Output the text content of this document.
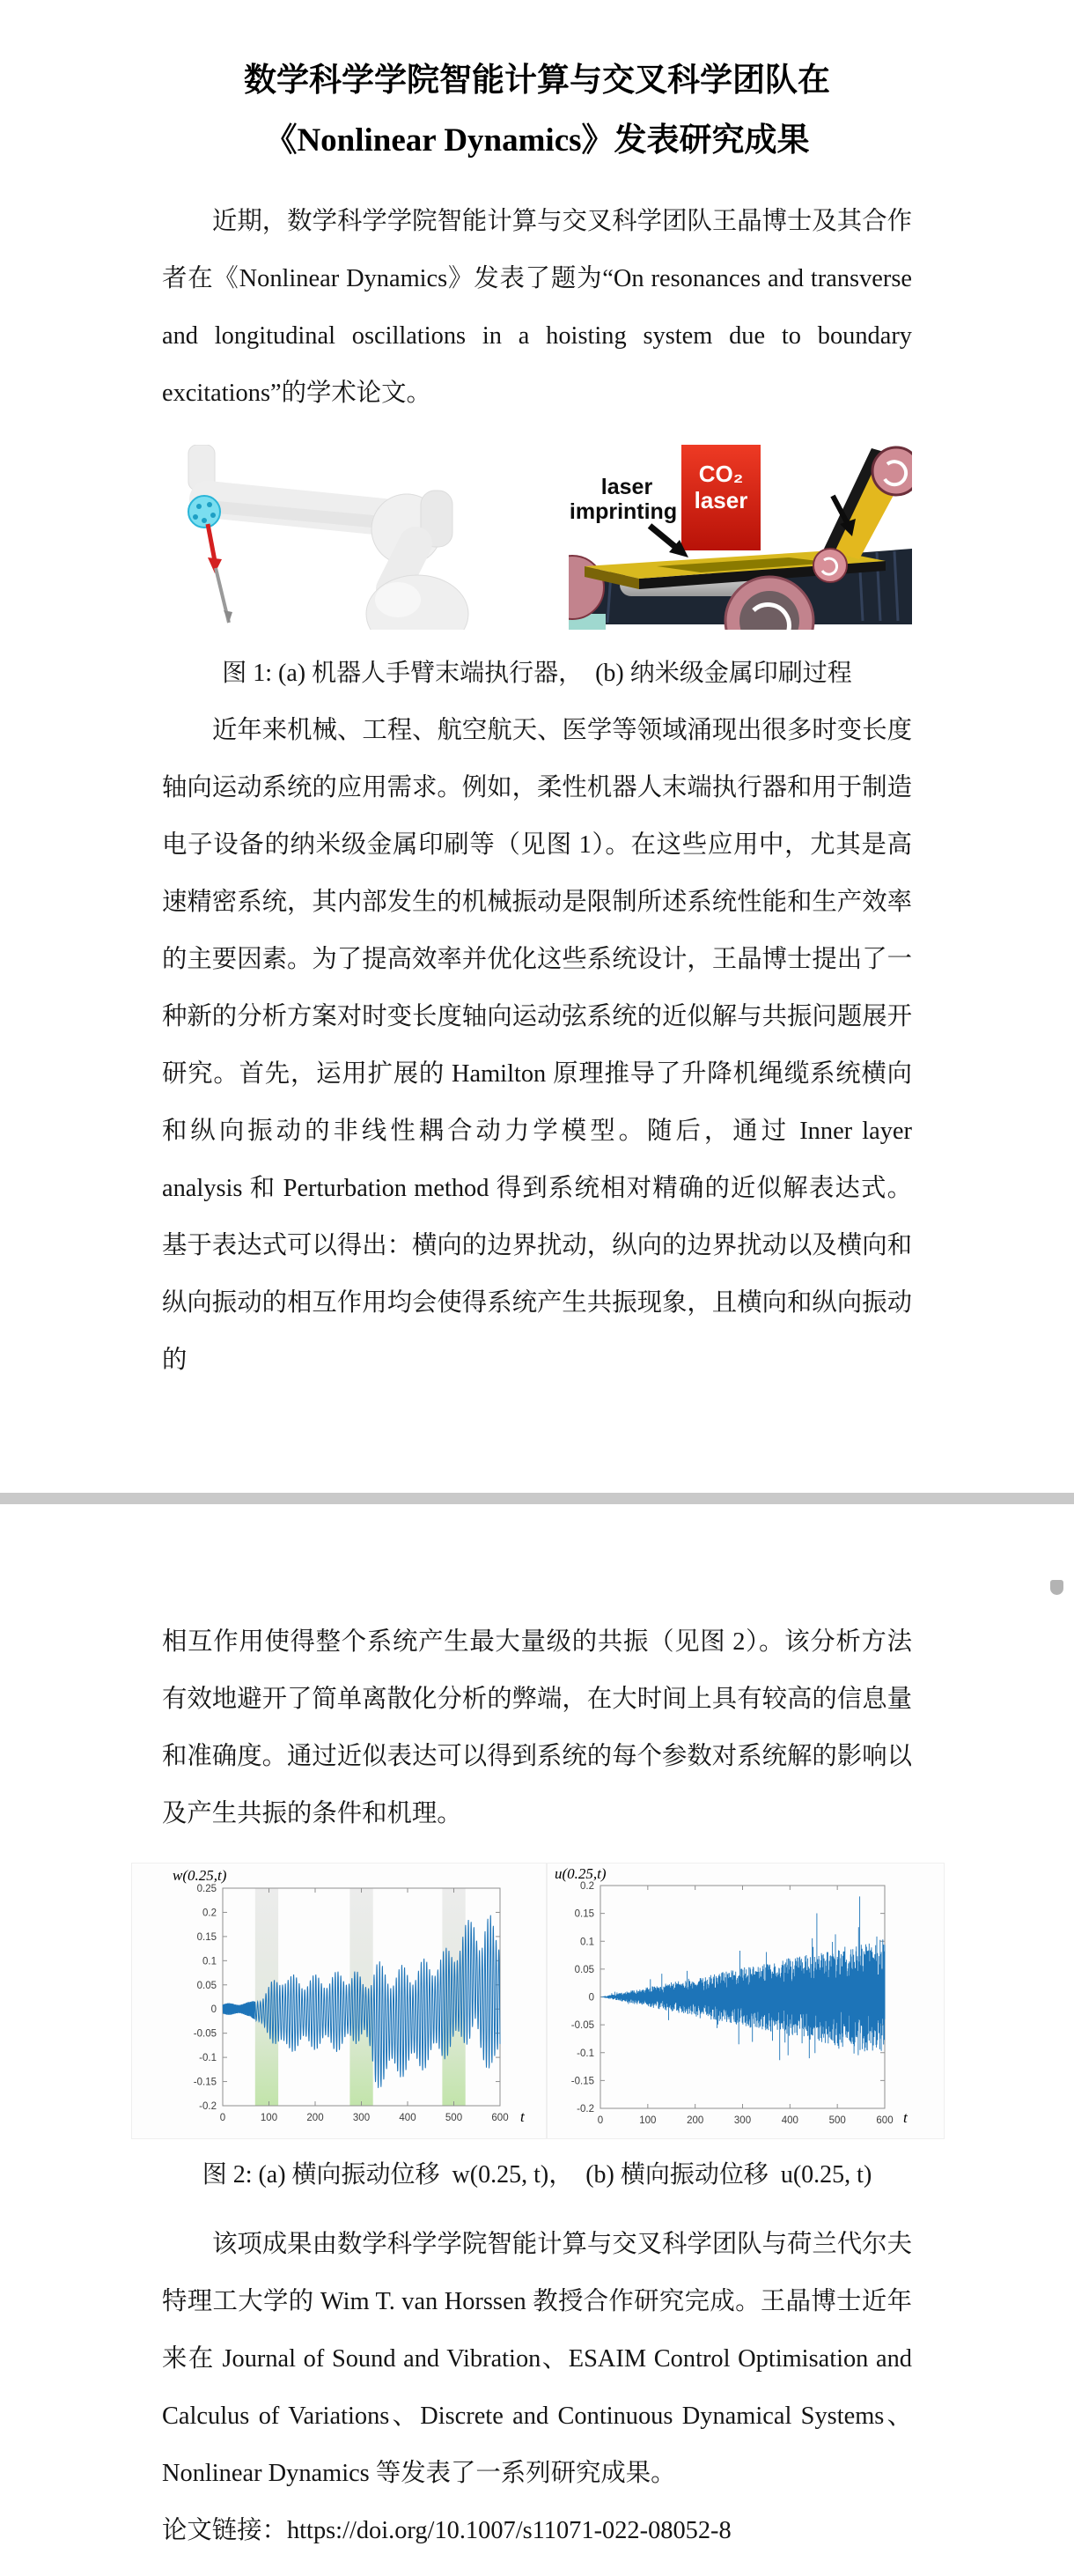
数学科学学院智能计算与交叉科学团队在
《Nonlinear Dynamics》发表研究成果

近期，数学科学学院智能计算与交叉科学团队王晶博士及其合作者在《Nonlinear Dynamics》发表了题为“On resonances and transverse and longitudinal oscillations in a hoisting system due to boundary excitations”的学术论文。

laser
imprinting
CO₂
laser

图 1: (a) 机器人手臂末端执行器，  (b) 纳米级金属印刷过程

近年来机械、工程、航空航天、医学等领域涌现出很多时变长度轴向运动系统的应用需求。例如，柔性机器人末端执行器和用于制造电子设备的纳米级金属印刷等（见图 1）。在这些应用中，尤其是高速精密系统，其内部发生的机械振动是限制所述系统性能和生产效率的主要因素。为了提高效率并优化这些系统设计，王晶博士提出了一种新的分析方案对时变长度轴向运动弦系统的近似解与共振问题展开研究。首先，运用扩展的 Hamilton 原理推导了升降机绳缆系统横向和纵向振动的非线性耦合动力学模型。随后，通过 Inner layer analysis 和 Perturbation method 得到系统相对精确的近似解表达式。基于表达式可以得出：横向的边界扰动，纵向的边界扰动以及横向和纵向振动的相互作用均会使得系统产生共振现象，且横向和纵向振动的

相互作用使得整个系统产生最大量级的共振（见图 2）。该分析方法有效地避开了简单离散化分析的弊端，在大时间上具有较高的信息量和准确度。通过近似表达可以得到系统的每个参数对系统解的影响以及产生共振的条件和机理。

0	100	200	300	400	500	600
0.25
0.2
0.15
0.1
0.05
0
-0.05
-0.1
-0.15
-0.2
w(0.25,t)
t	0	100	200	300	400	500	600
0.2
0.15
0.1
0.05
0
-0.05
-0.1
-0.15
-0.2
u(0.25,t)
t

图 2: (a) 横向振动位移  w(0.25, t)，  (b) 横向振动位移  u(0.25, t)

该项成果由数学科学学院智能计算与交叉科学团队与荷兰代尔夫特理工大学的 Wim T. van Horssen 教授合作研究完成。王晶博士近年来在 Journal of Sound and Vibration、ESAIM Control Optimisation and Calculus of Variations、Discrete and Continuous Dynamical Systems、Nonlinear Dynamics 等发表了一系列研究成果。

论文链接：https://doi.org/10.1007/s11071-022-08052-8
